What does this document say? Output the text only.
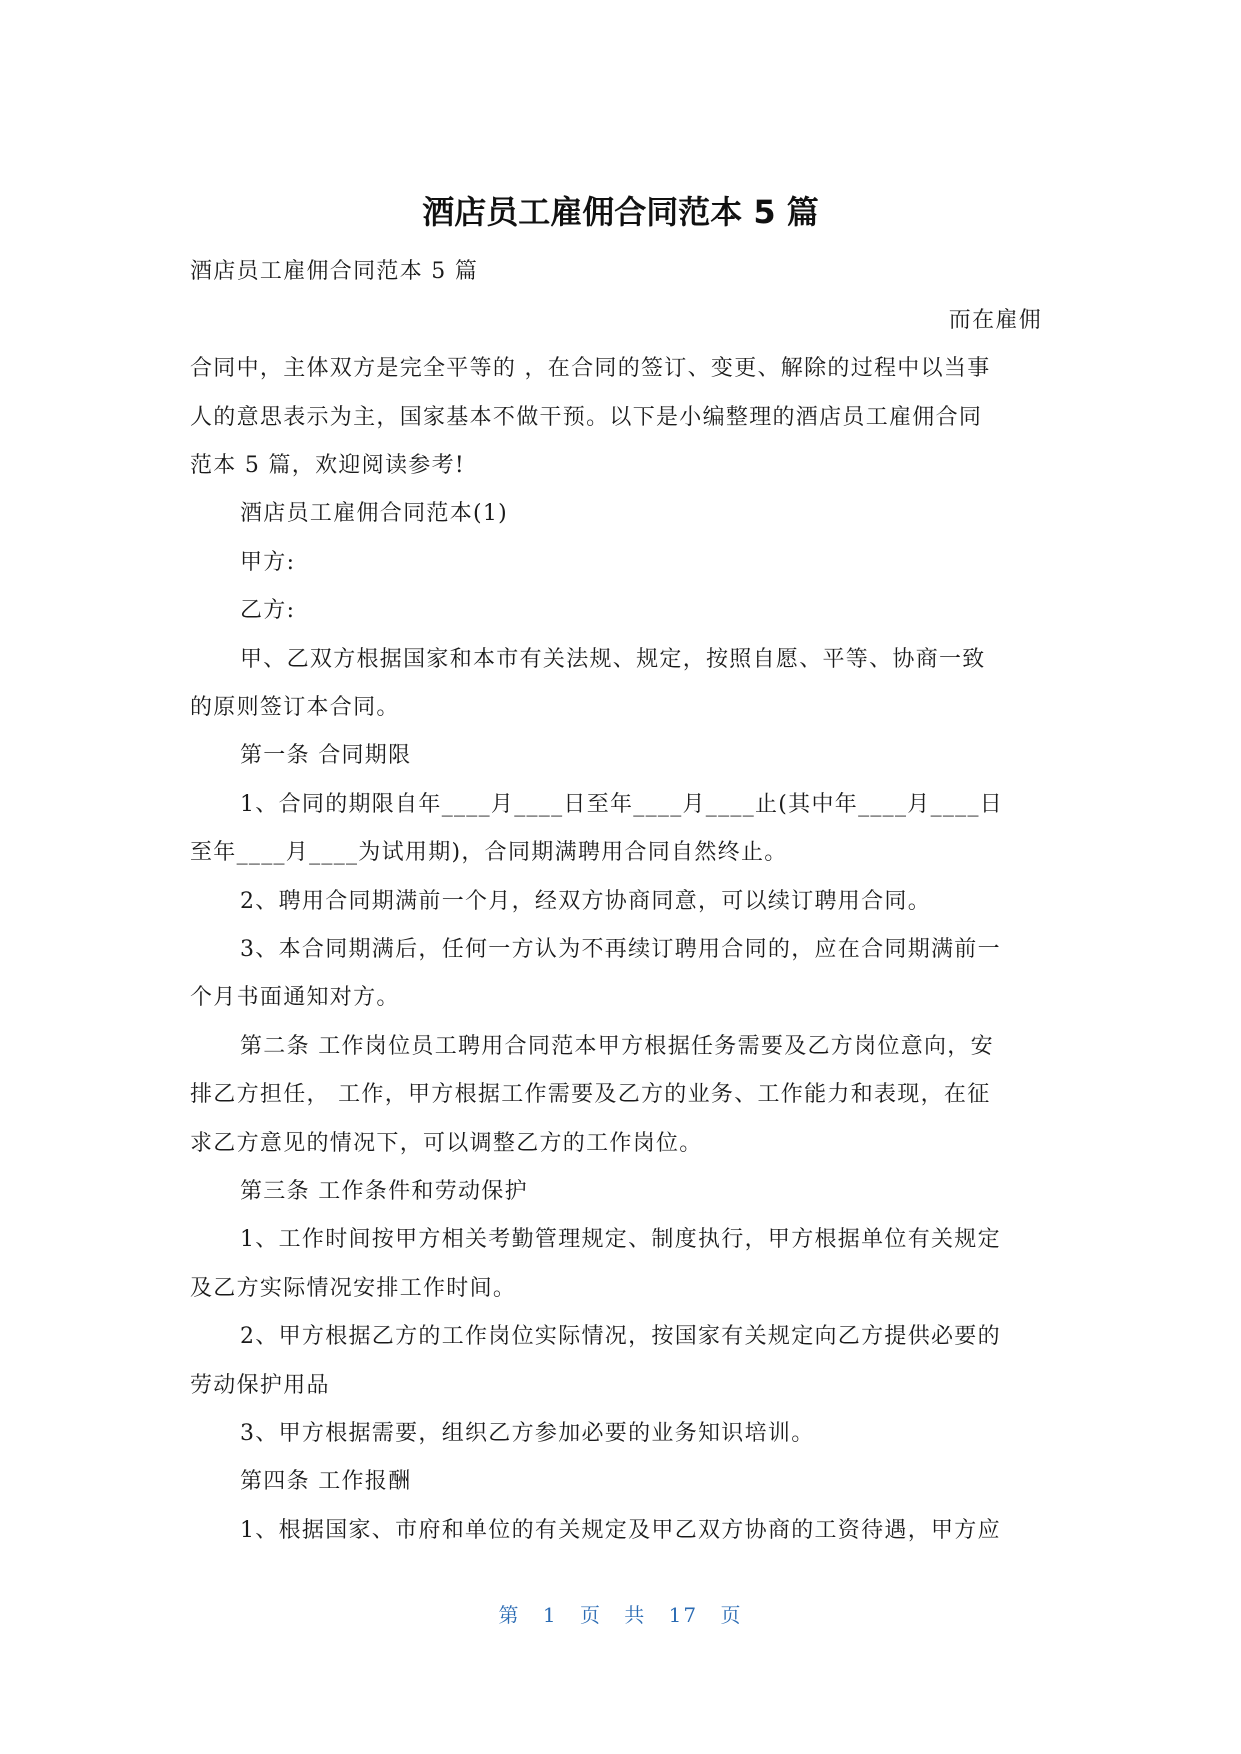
酒店员工雇佣合同范本 5 篇
酒店员工雇佣合同范本 5 篇
而在雇佣
合同中，主体双方是完全平等的 ，在合同的签订、变更、解除的过程中以当事
人的意思表示为主，国家基本不做干预。以下是小编整理的酒店员工雇佣合同
范本 5 篇，欢迎阅读参考!
酒店员工雇佣合同范本(1)
甲方:
乙方:
甲、乙双方根据国家和本市有关法规、规定，按照自愿、平等、协商一致
的原则签订本合同。
第一条 合同期限
1、合同的期限自年____月____日至年____月____止(其中年____月____日
至年____月____为试用期)，合同期满聘用合同自然终止。
2、聘用合同期满前一个月，经双方协商同意，可以续订聘用合同。
3、本合同期满后，任何一方认为不再续订聘用合同的，应在合同期满前一
个月书面通知对方。
第二条 工作岗位员工聘用合同范本甲方根据任务需要及乙方岗位意向，安
排乙方担任， 工作，甲方根据工作需要及乙方的业务、工作能力和表现，在征
求乙方意见的情况下，可以调整乙方的工作岗位。
第三条 工作条件和劳动保护
1、工作时间按甲方相关考勤管理规定、制度执行，甲方根据单位有关规定
及乙方实际情况安排工作时间。
2、甲方根据乙方的工作岗位实际情况，按国家有关规定向乙方提供必要的
劳动保护用品
3、甲方根据需要，组织乙方参加必要的业务知识培训。
第四条 工作报酬
1、根据国家、市府和单位的有关规定及甲乙双方协商的工资待遇，甲方应
第 1 页 共 17 页
